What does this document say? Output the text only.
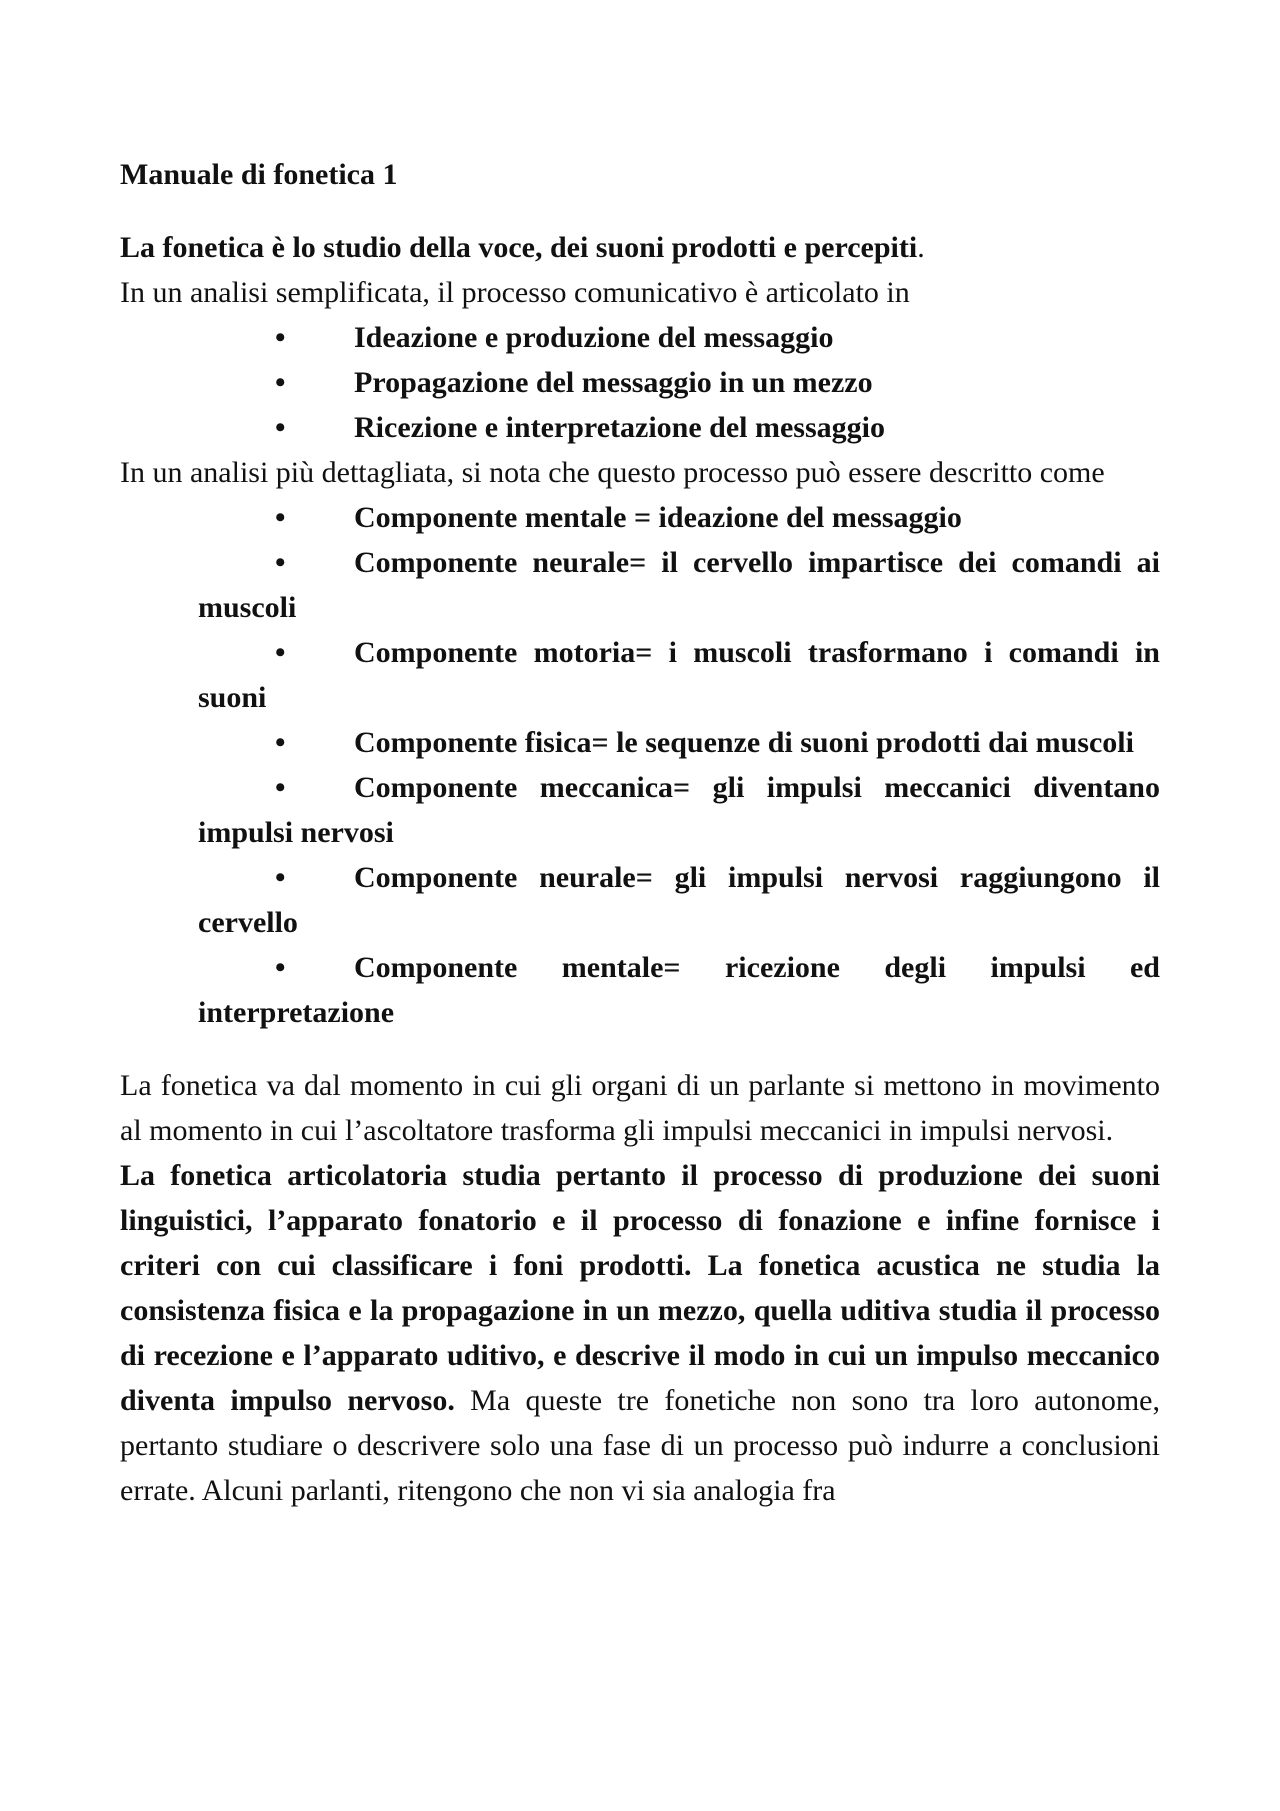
Manuale di fonetica 1

La fonetica è lo studio della voce, dei suoni prodotti e percepiti.

In un analisi semplificata, il processo comunicativo è articolato in

• Ideazione e produzione del messaggio
• Propagazione del messaggio in un mezzo
• Ricezione e interpretazione del messaggio

In un analisi più dettagliata, si nota che questo processo può essere descritto come

• Componente mentale = ideazione del messaggio
• Componente neurale= il cervello impartisce dei comandi ai muscoli
• Componente motoria= i muscoli trasformano i comandi in suoni
• Componente fisica= le sequenze di suoni prodotti dai muscoli
• Componente meccanica= gli impulsi meccanici diventano impulsi nervosi
• Componente neurale= gli impulsi nervosi raggiungono il cervello
• Componente mentale= ricezione degli impulsi ed interpretazione

La fonetica va dal momento in cui gli organi di un parlante si mettono in movimento al momento in cui l’ascoltatore trasforma gli impulsi meccanici in impulsi nervosi.

La fonetica articolatoria studia pertanto il processo di produzione dei suoni linguistici, l’apparato fonatorio e il processo di fonazione e infine fornisce i criteri con cui classificare i foni prodotti. La fonetica acustica ne studia la consistenza fisica e la propagazione in un mezzo, quella uditiva studia il processo di recezione e l’apparato uditivo, e descrive il modo in cui un impulso meccanico diventa impulso nervoso. Ma queste tre fonetiche non sono tra loro autonome, pertanto studiare o descrivere solo una fase di un processo può indurre a conclusioni errate. Alcuni parlanti, ritengono che non vi sia analogia fra
